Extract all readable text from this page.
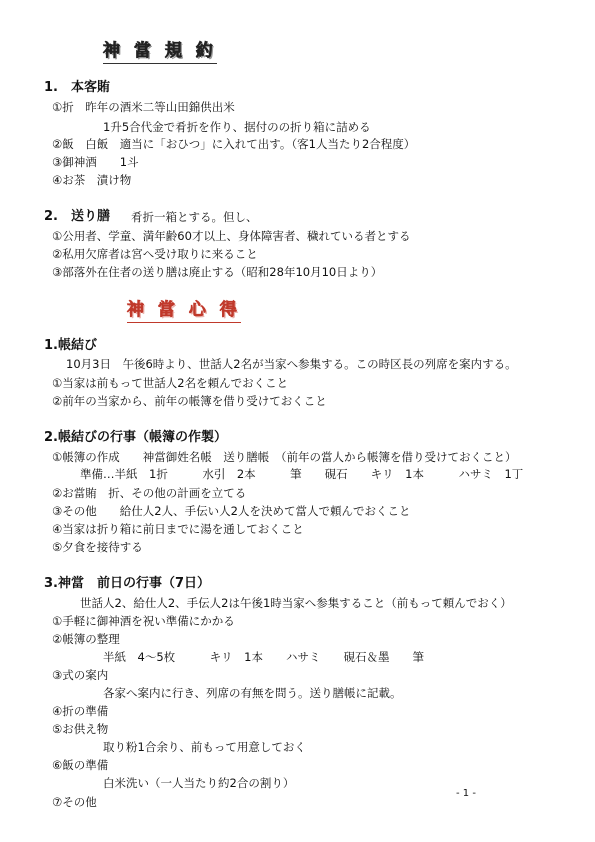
神 當 規 約
1.　本客賄
①折　昨年の酒米二等山田錦供出米
1升5合代金で肴折を作り、据付のの折り箱に詰める
②飯　白飯　適当に「おひつ」に入れて出す。（客1人当たり2合程度）
③御神酒　　1斗
④お茶　漬け物
2.　送り膳 肴折一箱とする。但し、
①公用者、学童、満年齢60才以上、身体障害者、穢れている者とする
②私用欠席者は宮へ受け取りに来ること
③部落外在住者の送り膳は廃止する（昭和28年10月10日より）
神 當 心 得
1.帳結び
10月3日　午後6時より、世話人2名が当家へ参集する。この時区長の列席を案内する。
①当家は前もって世話人2名を頼んでおくこと
②前年の当家から、前年の帳簿を借り受けておくこと
2.帳結びの行事（帳簿の作製）
①帳簿の作成　　神當御姓名帳　送り膳帳　（前年の當人から帳簿を借り受けておくこと）
準備…半紙　1折　　　水引　2本　　　筆　　硯石　　キリ　1本　　　ハサミ　1丁
②お當賄　折、その他の計画を立てる
③その他　　給仕人2人、手伝い人2人を決めて當人で頼んでおくこと
④当家は折り箱に前日までに湯を通しておくこと
⑤夕食を接待する
3.神當　前日の行事（7日）
世話人2、給仕人2、手伝人2は午後1時当家へ参集すること（前もって頼んでおく）
①手軽に御神酒を祝い準備にかかる
②帳簿の整理
半紙　4～5枚　　　キリ　1本　　ハサミ　　硯石＆墨　　筆
③式の案内
各家へ案内に行き、列席の有無を問う。送り膳帳に記載。
④折の準備
⑤お供え物
取り粉1合余り、前もって用意しておく
⑥飯の準備
白米洗い（一人当たり約2合の割り）
⑦その他
- 1 -
